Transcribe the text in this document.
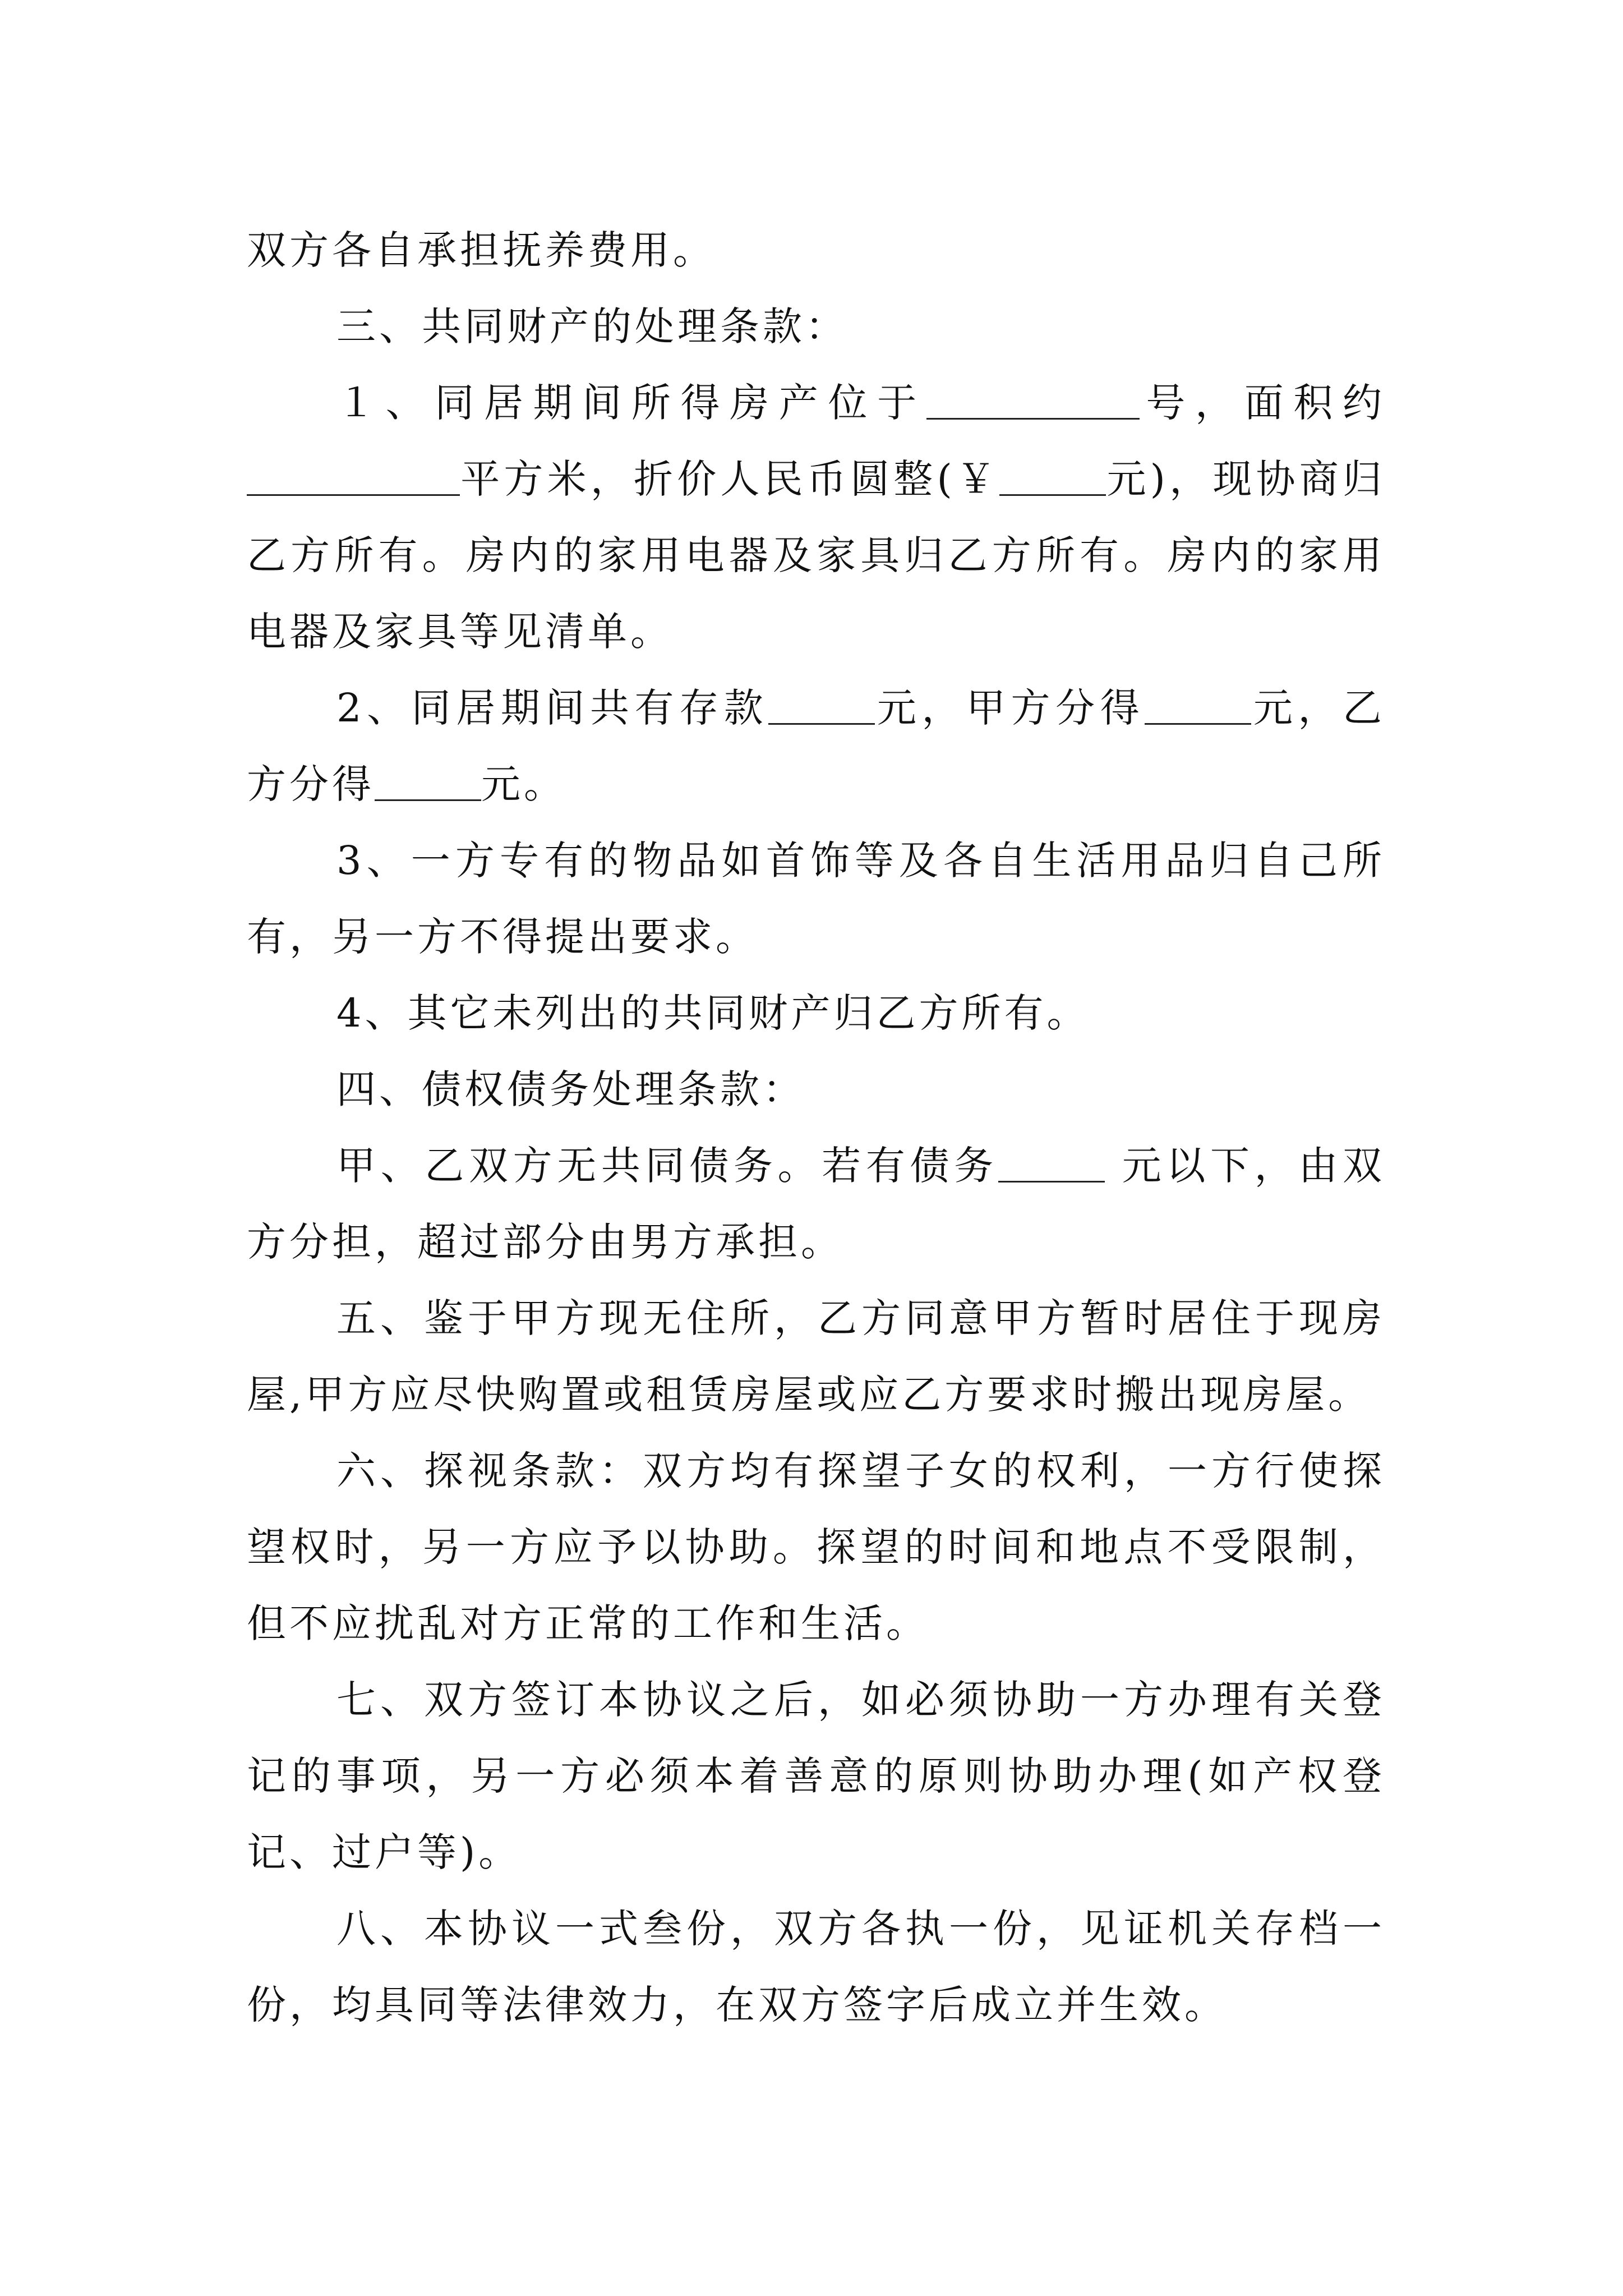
双方各自承担抚养费用。

三、共同财产的处理条款：

１、同居期间所得房产位于	号，面积约平方米，折价人民币圆整(￥	元)，现协商归乙方所有。房内的家用电器及家具归乙方所有。房内的家用电器及家具等见清单。

2、同居期间共有存款	元，甲方分得	元，乙方分得	元。

3、一方专有的物品如首饰等及各自生活用品归自己所有，另一方不得提出要求。

4、其它未列出的共同财产归乙方所有。

四、债权债务处理条款：

甲、乙双方无共同债务。若有债务	元以下，由双方分担，超过部分由男方承担。

五、鉴于甲方现无住所，乙方同意甲方暂时居住于现房屋,甲方应尽快购置或租赁房屋或应乙方要求时搬出现房屋。

六、探视条款：双方均有探望子女的权利，一方行使探望权时，另一方应予以协助。探望的时间和地点不受限制，但不应扰乱对方正常的工作和生活。

七、双方签订本协议之后，如必须协助一方办理有关登记的事项，另一方必须本着善意的原则协助办理(如产权登记、过户等)。

八、本协议一式叁份，双方各执一份，见证机关存档一份，均具同等法律效力，在双方签字后成立并生效。
